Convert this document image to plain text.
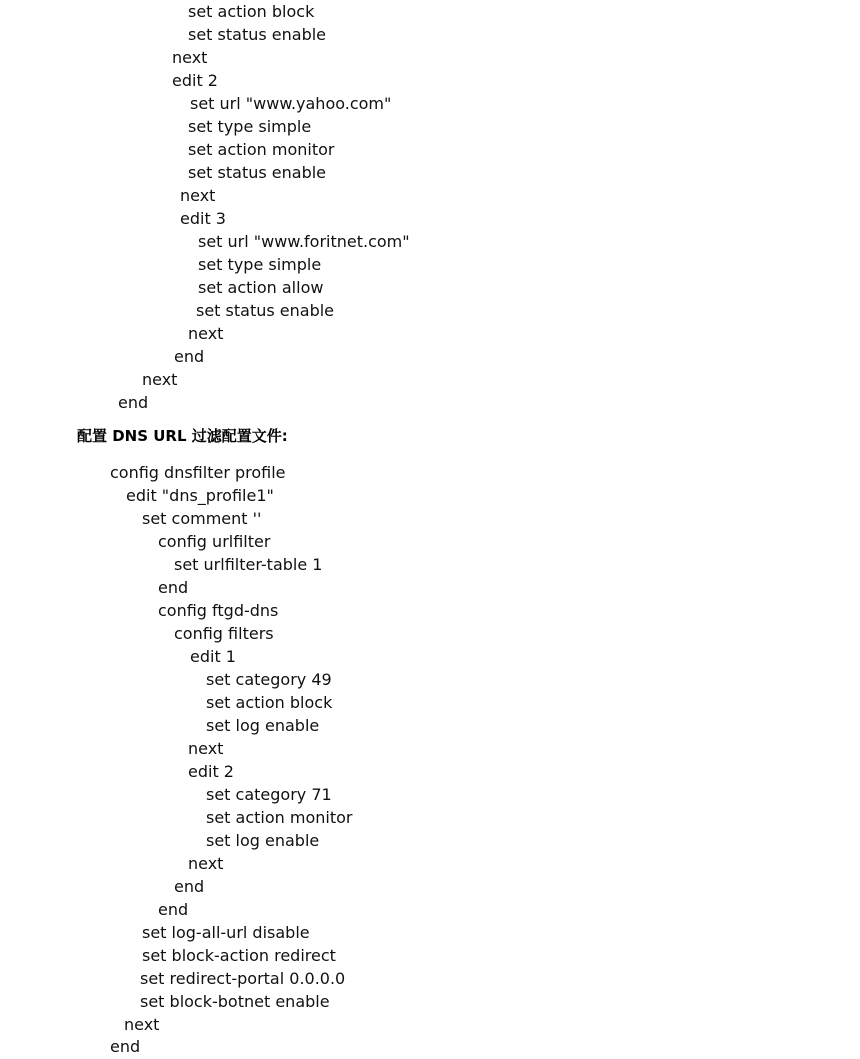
set action block
set status enable
next
edit 2
set url "www.yahoo.com"
set type simple
set action monitor
set status enable
next
edit 3
set url "www.foritnet.com"
set type simple
set action allow
set status enable
next
end
next
end
配置 DNS URL 过滤配置文件:
config dnsfilter profile
edit "dns_profile1"
set comment ''
config urlfilter
set urlfilter-table 1
end
config ftgd-dns
config filters
edit 1
set category 49
set action block
set log enable
next
edit 2
set category 71
set action monitor
set log enable
next
end
end
set log-all-url disable
set block-action redirect
set redirect-portal 0.0.0.0
set block-botnet enable
next
end
